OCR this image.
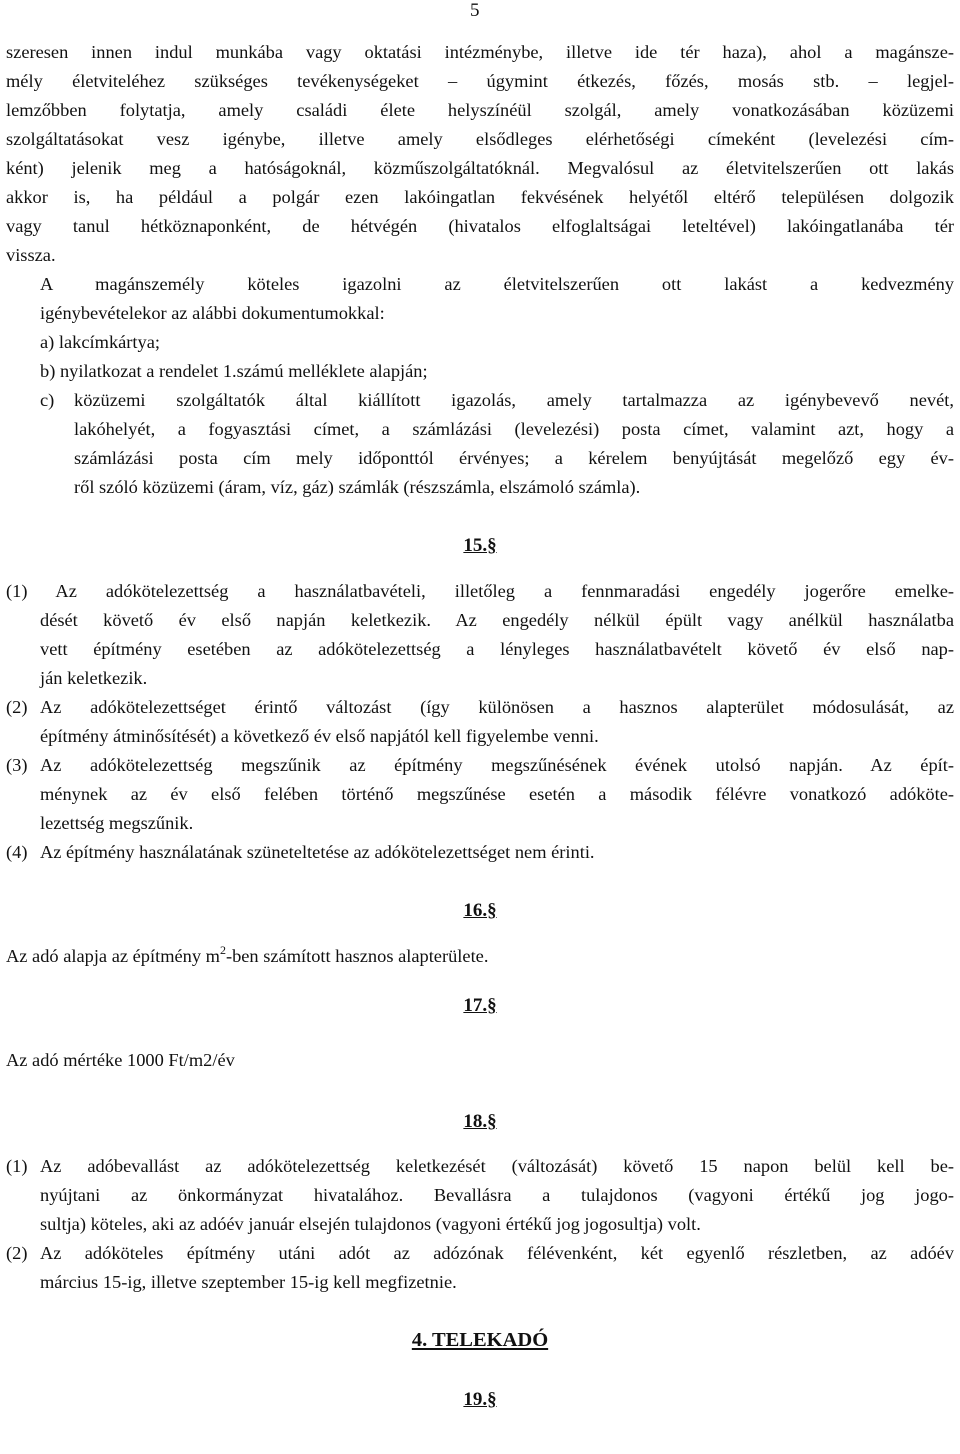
5

szeresen innen indul munkába vagy oktatási intézménybe, illetve ide tér haza), ahol a magánsze-

mély életviteléhez szükséges tevékenységeket – úgymint étkezés, főzés, mosás stb. – legjel-

lemzőbben folytatja, amely családi élete helyszínéül szolgál, amely vonatkozásában közüzemi

szolgáltatásokat vesz igénybe, illetve amely elsődleges elérhetőségi címeként (levelezési cím-

ként) jelenik meg a hatóságoknál, közműszolgáltatóknál. Megvalósul az életvitelszerűen ott lakás

akkor is, ha például a polgár ezen lakóingatlan fekvésének helyétől eltérő településen dolgozik

vagy tanul hétköznaponként, de hétvégén (hivatalos elfoglaltságai leteltével) lakóingatlanába tér

vissza.

A magánszemély köteles igazolni az életvitelszerűen ott lakást a kedvezmény

igénybevételekor az alábbi dokumentumokkal:

a)
lakcímkártya;
b)
nyilatkozat a rendelet 1.számú melléklete alapján;
c)	közüzemi szolgáltatók által kiállított igazolás, amely tartalmazza az igénybevevő nevét,

lakóhelyét, a fogyasztási címet, a számlázási (levelezési) posta címet, valamint azt, hogy a

számlázási posta cím mely időponttól érvényes; a kérelem benyújtását megelőző egy év-

ről szóló közüzemi (áram, víz, gáz) számlák (részszámla, elszámoló számla).

15.§

(1) Az adókötelezettség a használatbavételi, illetőleg a fennmaradási engedély jogerőre emelke-

dését követő év első napján keletkezik. Az engedély nélkül épült vagy anélkül használatba

vett építmény esetében az adókötelezettség a lényleges használatbavételt követő év első nap-

ján keletkezik.

(2) Az adókötelezettséget érintő változást (így különösen a hasznos alapterület módosulását, az

építmény átminősítését) a következő év első napjától kell figyelembe venni.

(3) Az adókötelezettség megszűnik az építmény megszűnésének évének utolsó napján. Az épít-

ménynek az év első felében történő megszűnése esetén a második félévre vonatkozó adóköte-

lezettség megszűnik.

(4) Az építmény használatának szüneteltetése az adókötelezettséget nem érinti.

16.§

Az adó alapja az építmény $m^2$-ben számított hasznos alapterülete.

17.§

Az adó mértéke 1000 Ft/m2/év

18.§

(1) Az adóbevallást az adókötelezettség keletkezését (változását) követő 15 napon belül kell be-

nyújtani az önkormányzat hivatalához. Bevallásra a tulajdonos (vagyoni értékű jog jogo-

sultja) köteles, aki az adóév január elsején tulajdonos (vagyoni értékű jog jogosultja) volt.

(2) Az adóköteles építmény utáni adót az adózónak félévenként, két egyenlő részletben, az adóév

március 15-ig, illetve szeptember 15-ig kell megfizetnie.

4. TELEKADÓ

19.§
